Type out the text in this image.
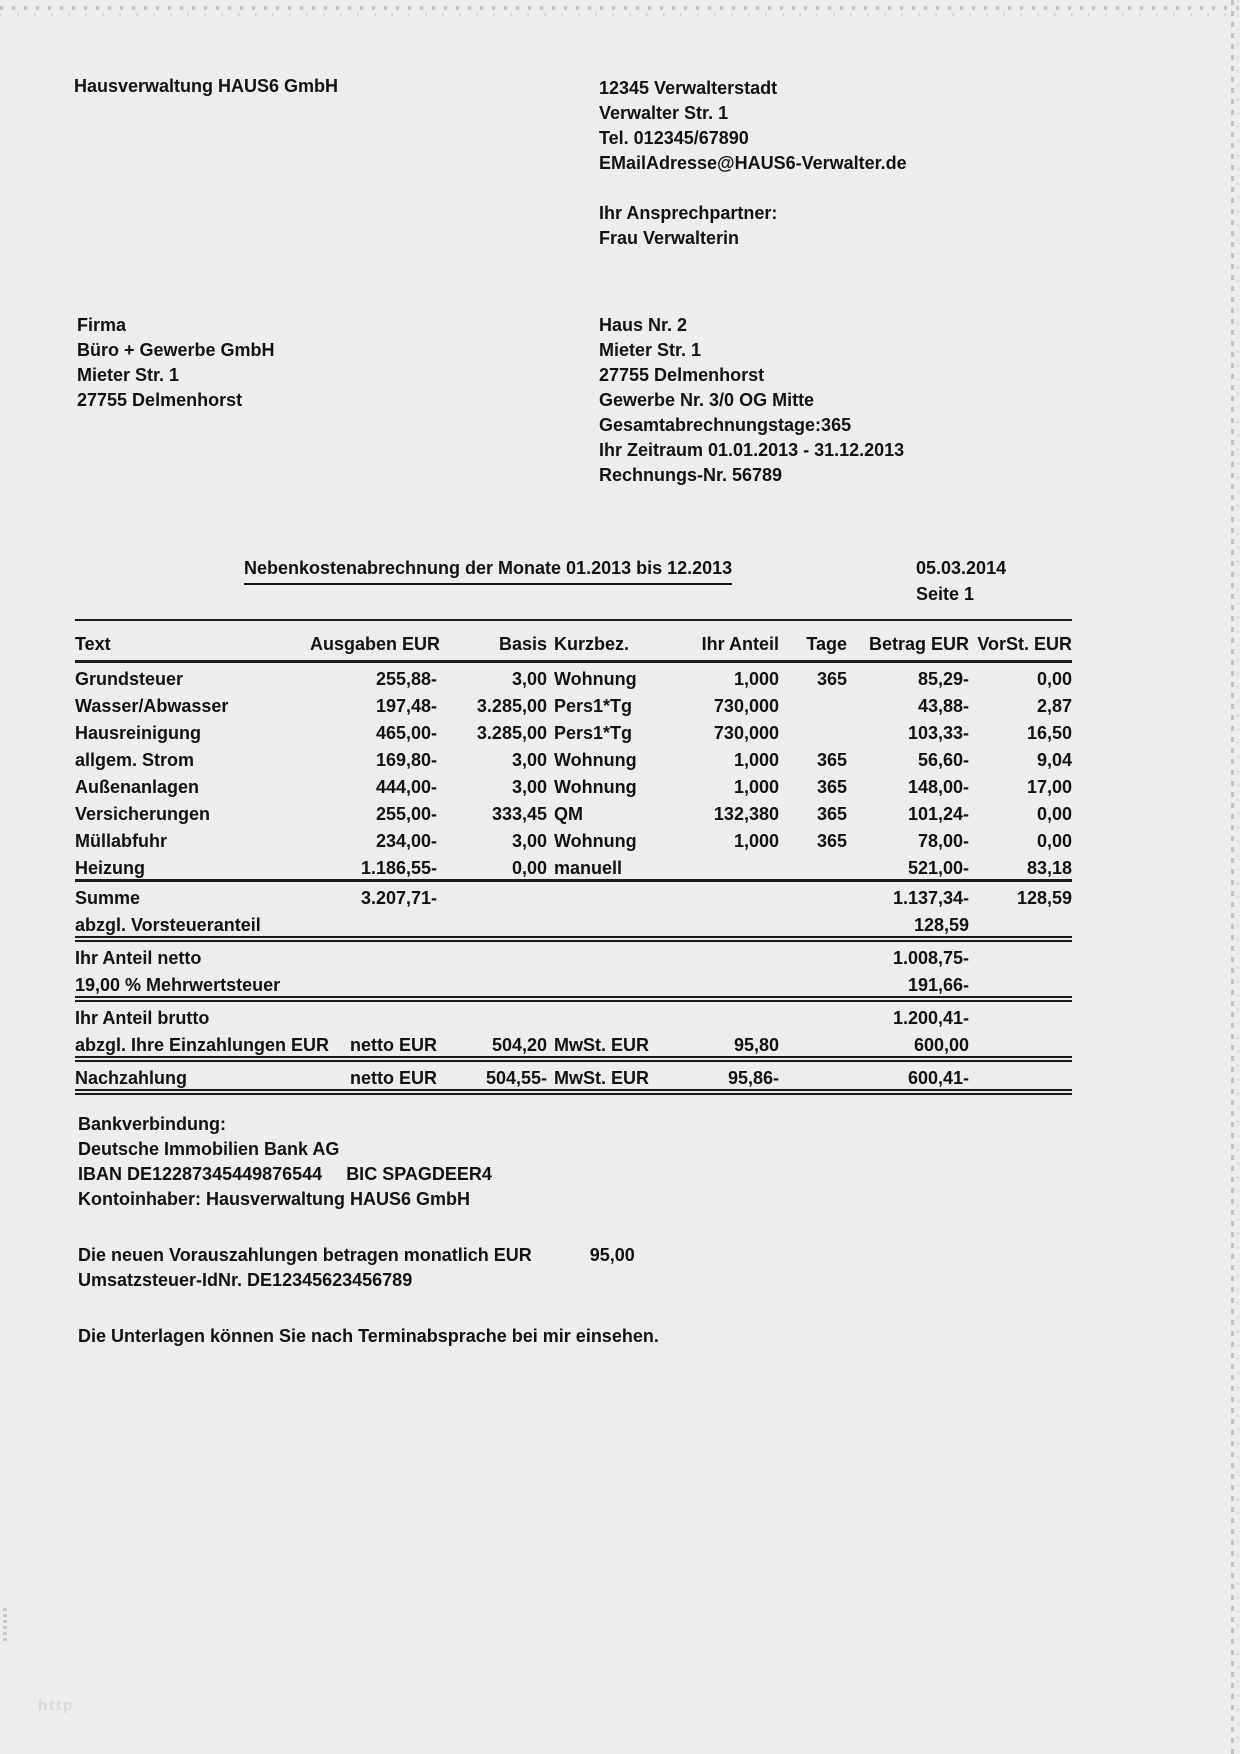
Hausverwaltung HAUS6 GmbH	12345 Verwalterstadt
Verwalter Str. 1
Tel. 012345/67890
EMailAdresse@HAUS6-Verwalter.de

Ihr Ansprechpartner:
Frau Verwalterin
Firma
Büro + Gewerbe GmbH
Mieter Str. 1
27755 Delmenhorst
Haus Nr. 2
Mieter Str. 1
27755 Delmenhorst
Gewerbe Nr. 3/0 OG Mitte
Gesamtabrechnungstage:365
Ihr Zeitraum 01.01.2013 - 31.12.2013
Rechnungs-Nr. 56789
Nebenkostenabrechnung der Monate 01.2013 bis 12.2013	05.03.2014
Seite 1
Text	Ausgaben EUR	Basis	Kurzbez.	Ihr Anteil	Tage	Betrag EUR	VorSt. EUR
Grundsteuer	255,88-	3,00	Wohnung	1,000	365	85,29-	0,00
Wasser/Abwasser	197,48-	3.285,00	Pers1*Tg	730,000		43,88-	2,87
Hausreinigung	465,00-	3.285,00	Pers1*Tg	730,000		103,33-	16,50
allgem. Strom	169,80-	3,00	Wohnung	1,000	365	56,60-	9,04
Außenanlagen	444,00-	3,00	Wohnung	1,000	365	148,00-	17,00
Versicherungen	255,00-	333,45	QM	132,380	365	101,24-	0,00
Müllabfuhr	234,00-	3,00	Wohnung	1,000	365	78,00-	0,00
Heizung	1.186,55-	0,00	manuell			521,00-	83,18
Summe	3.207,71-					1.137,34-	128,59
abzgl. Vorsteueranteil						128,59	
Ihr Anteil netto						1.008,75-	
19,00 % Mehrwertsteuer						191,66-	
Ihr Anteil brutto						1.200,41-	
abzgl. Ihre Einzahlungen EUR	netto EUR	504,20	MwSt. EUR	95,80		600,00	
Nachzahlung	netto EUR	504,55-	MwSt. EUR	95,86-		600,41-	
Bankverbindung:
Deutsche Immobilien Bank AG
IBAN DE12287345449876544 BIC SPAGDEER4
Kontoinhaber: Hausverwaltung HAUS6 GmbH
Die neuen Vorauszahlungen betragen monatlich EUR	95,00
Umsatzsteuer-IdNr. DE12345623456789
Die Unterlagen können Sie nach Terminabsprache bei mir einsehen.
http
